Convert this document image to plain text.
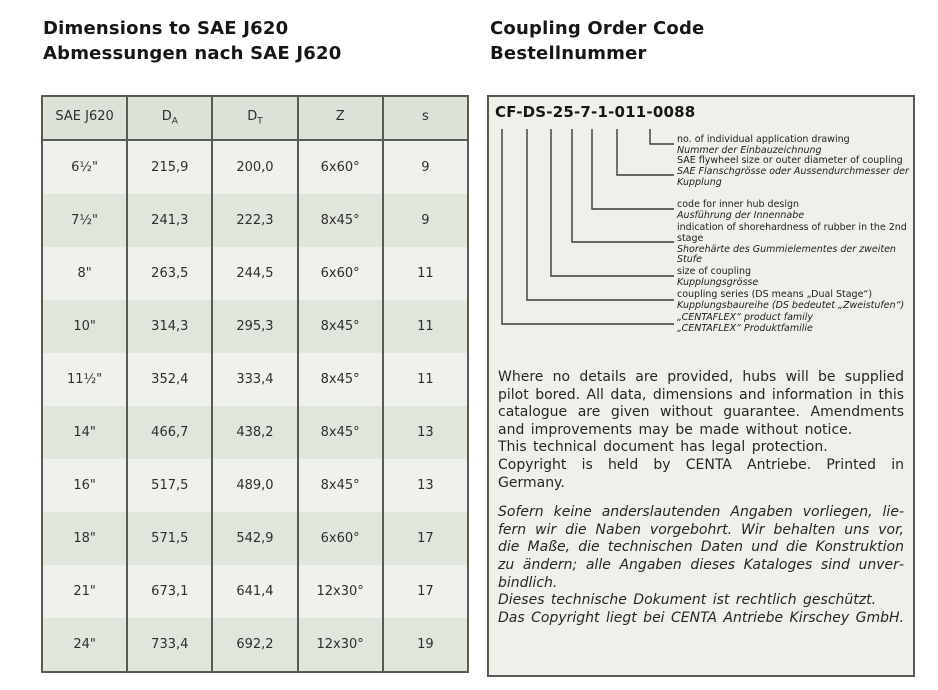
Dimensions to SAE J620
Abmessungen nach SAE J620
Coupling Order Code
Bestellnummer
SAE J620	$D_A$	$D_T$	Z	s
6½"	215,9	200,0	6x60°	9
7½"	241,3	222,3	8x45°	9
8"	263,5	244,5	6x60°	11
10"	314,3	295,3	8x45°	11
11½"	352,4	333,4	8x45°	11
14"	466,7	438,2	8x45°	13
16"	517,5	489,0	8x45°	13
18"	571,5	542,9	6x60°	17
21"	673,1	641,4	12x30°	17
24"	733,4	692,2	12x30°	19
CF-DS-25-7-1-011-0088
no. of individual application drawing
Nummer der Einbauzeichnung
SAE flywheel size or outer diameter of coupling
SAE Flanschgrösse oder Aussendurchmesser der Kupplung
code for inner hub design
Ausführung der Innennabe
indication of shorehardness of rubber in the 2nd stage
Shorehärte des Gummielementes der zweiten Stufe
size of coupling
Kupplungsgrösse
coupling series (DS means „Dual Stage“)
Kupplungsbaureihe (DS bedeutet „Zweistufen“)
„CENTAFLEX“ product family
„CENTAFLEX“ Produktfamilie

Where no details are provided, hubs will be supplied pilot bored. All data, dimensions and information in this catalogue are given without guarantee. Amendments and improvements may be made without notice.

This technical document has legal protection.

Copyright is held by CENTA Antriebe. Printed in Germany.

Sofern keine anderslautenden Angaben vorliegen, liefern wir die Naben vorgebohrt. Wir behalten uns vor, die Maße, die technischen Daten und die Konstruktion zu ändern; alle Angaben dieses Kataloges sind unverbindlich.

Dieses technische Dokument ist rechtlich geschützt.

Das Copyright liegt bei CENTA Antriebe Kirschey GmbH.
